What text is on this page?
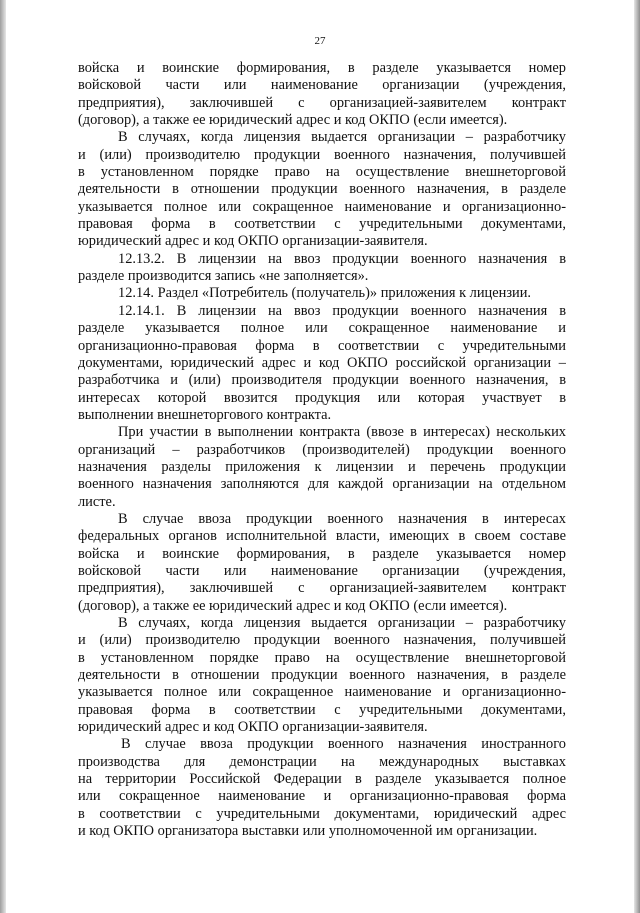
27
войска и воинские формирования, в разделе указывается номер
войсковой части или наименование организации (учреждения,
предприятия), заключившей с организацией-заявителем контракт
(договор), а также ее юридический адрес и код ОКПО (если имеется).
В случаях, когда лицензия выдается организации – разработчику
и (или) производителю продукции военного назначения, получившей
в установленном порядке право на осуществление внешнеторговой
деятельности в отношении продукции военного назначения, в разделе
указывается полное или сокращенное наименование и организационно-
правовая форма в соответствии с учредительными документами,
юридический адрес и код ОКПО организации-заявителя.
12.13.2. В лицензии на ввоз продукции военного назначения в
разделе производится запись «не заполняется».
12.14. Раздел «Потребитель (получатель)» приложения к лицензии.
12.14.1. В лицензии на ввоз продукции военного назначения в
разделе указывается полное или сокращенное наименование и
организационно-правовая форма в соответствии с учредительными
документами, юридический адрес и код ОКПО российской организации –
разработчика и (или) производителя продукции военного назначения, в
интересах которой ввозится продукция или которая участвует в
выполнении внешнеторгового контракта.
При участии в выполнении контракта (ввозе в интересах) нескольких
организаций – разработчиков (производителей) продукции военного
назначения разделы приложения к лицензии и перечень продукции
военного назначения заполняются для каждой организации на отдельном
листе.
В случае ввоза продукции военного назначения в интересах
федеральных органов исполнительной власти, имеющих в своем составе
войска и воинские формирования, в разделе указывается номер
войсковой части или наименование организации (учреждения,
предприятия), заключившей с организацией-заявителем контракт
(договор), а также ее юридический адрес и код ОКПО (если имеется).
В случаях, когда лицензия выдается организации – разработчику
и (или) производителю продукции военного назначения, получившей
в установленном порядке право на осуществление внешнеторговой
деятельности в отношении продукции военного назначения, в разделе
указывается полное или сокращенное наименование и организационно-
правовая форма в соответствии с учредительными документами,
юридический адрес и код ОКПО организации-заявителя.
В случае ввоза продукции военного назначения иностранного
производства для демонстрации на международных выставках
на территории Российской Федерации в разделе указывается полное
или сокращенное наименование и организационно-правовая форма
в соответствии с учредительными документами, юридический адрес
и код ОКПО организатора выставки или уполномоченной им организации.
